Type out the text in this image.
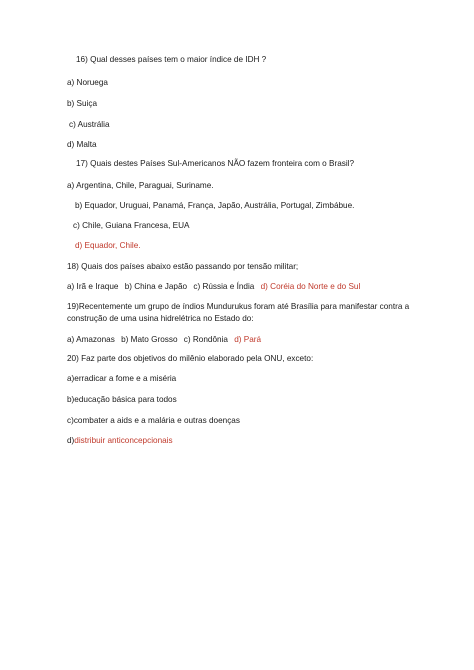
16) Qual desses países tem o maior índice de IDH ?
a) Noruega
b) Suiça
c) Austrália
d) Malta
17) Quais destes Países Sul-Americanos NÃO fazem fronteira com o Brasil?
a) Argentina, Chile, Paraguai, Suriname.
b) Equador, Uruguai, Panamá, França, Japão, Austrália, Portugal, Zimbábue.
c) Chile, Guiana Francesa, EUA
d) Equador, Chile.
18) Quais dos países abaixo estão passando por tensão militar;
a) Irã e Iraque b) China e Japão c) Rússia e Índia d) Coréia do Norte e do Sul
19)Recentemente um grupo de índios Mundurukus foram até Brasília para manifestar contra a
construção de uma usina hidrelétrica no Estado do:
a) Amazonas b) Mato Grosso c) Rondônia d) Pará
20) Faz parte dos objetivos do milênio elaborado pela ONU, exceto:
a)erradicar a fome e a miséria
b)educação básica para todos
c)combater a aids e a malária e outras doenças
d)distribuir anticoncepcionais
